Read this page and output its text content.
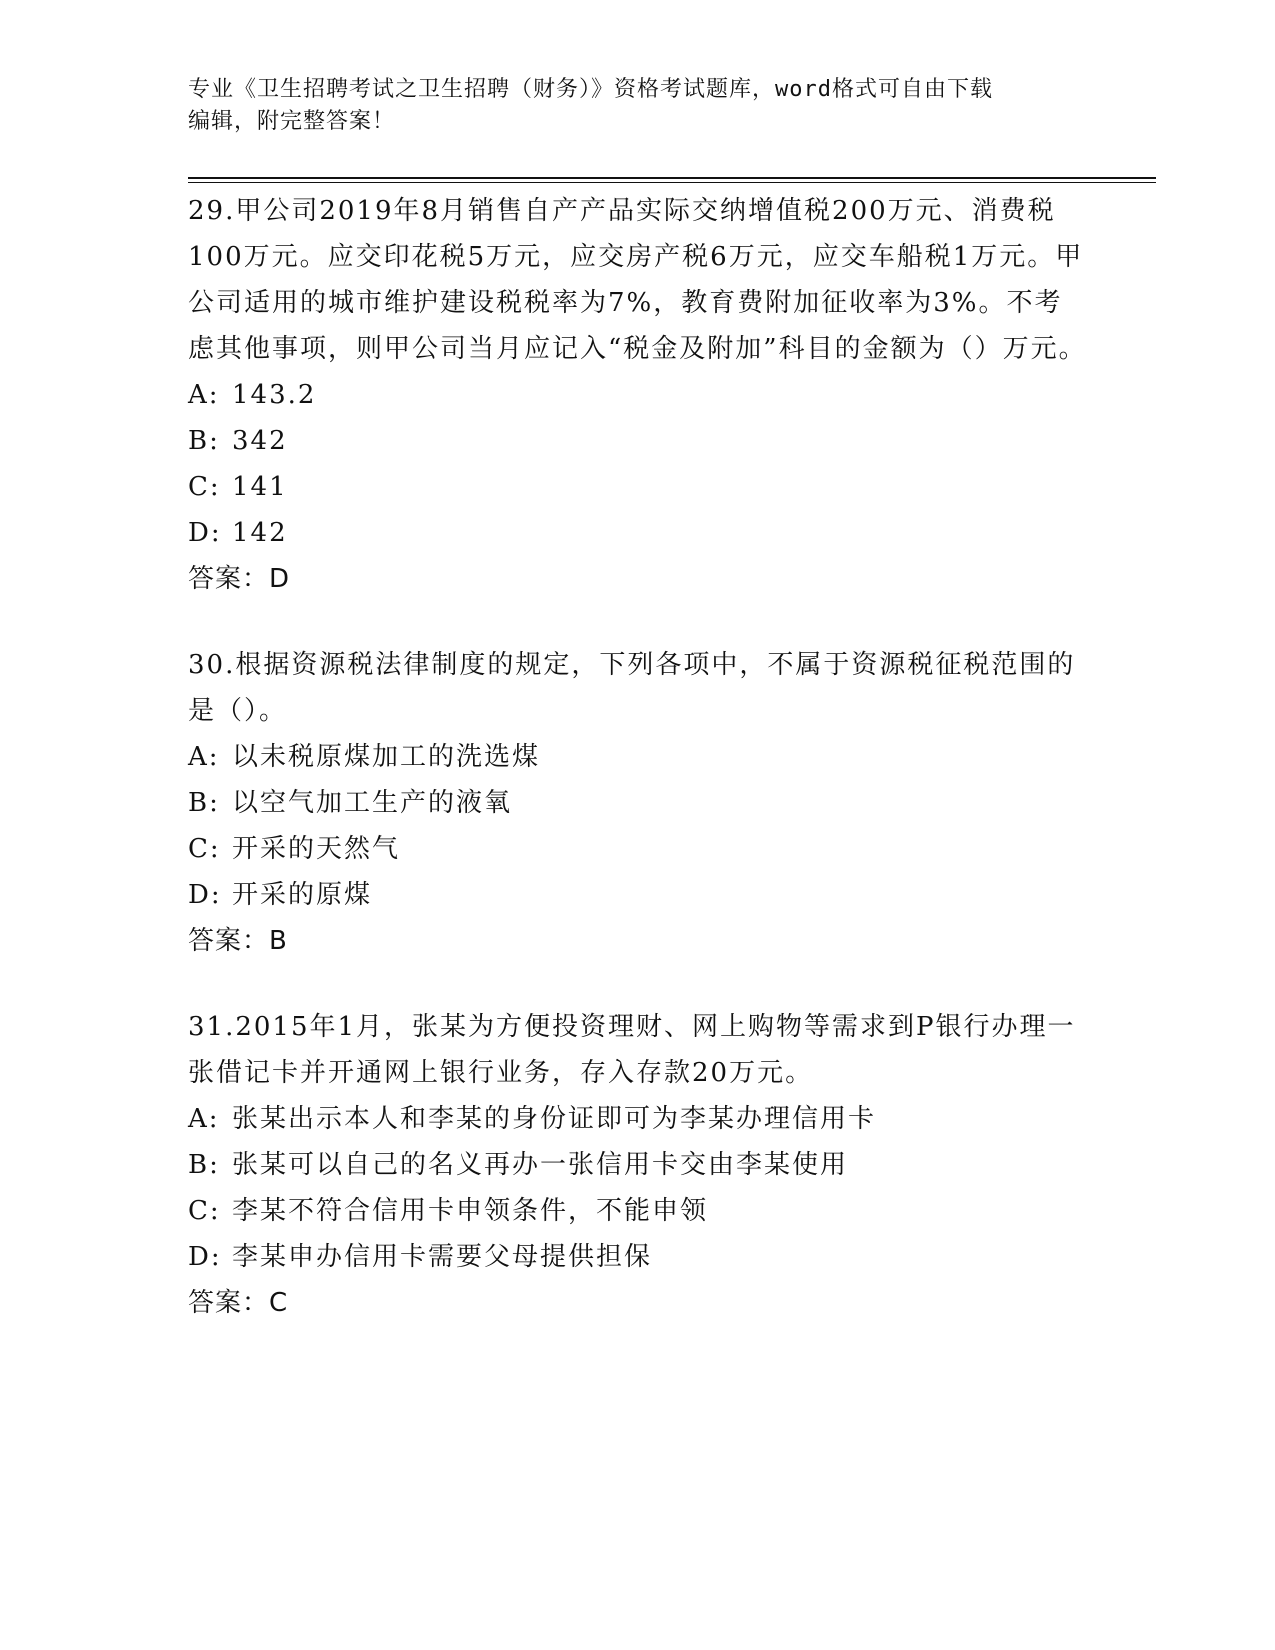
专业《卫生招聘考试之卫生招聘（财务）》资格考试题库，word格式可自由下载
编辑，附完整答案！

29.甲公司2019年8月销售自产产品实际交纳增值税200万元、消费税100万元。应交印花税5万元，应交房产税6万元，应交车船税1万元。甲公司适用的城市维护建设税税率为7%，教育费附加征收率为3%。不考虑其他事项，则甲公司当月应记入“税金及附加”科目的金额为（）万元。

A: 143.2

B: 342

C: 141

D: 142

答案：D

30.根据资源税法律制度的规定，下列各项中，不属于资源税征税范围的是（）。

A: 以未税原煤加工的洗选煤

B: 以空气加工生产的液氧

C: 开采的天然气

D: 开采的原煤

答案：B

31.2015年1月，张某为方便投资理财、网上购物等需求到P银行办理一张借记卡并开通网上银行业务，存入存款20万元。

A: 张某出示本人和李某的身份证即可为李某办理信用卡

B: 张某可以自己的名义再办一张信用卡交由李某使用

C: 李某不符合信用卡申领条件，不能申领

D: 李某申办信用卡需要父母提供担保

答案：C
